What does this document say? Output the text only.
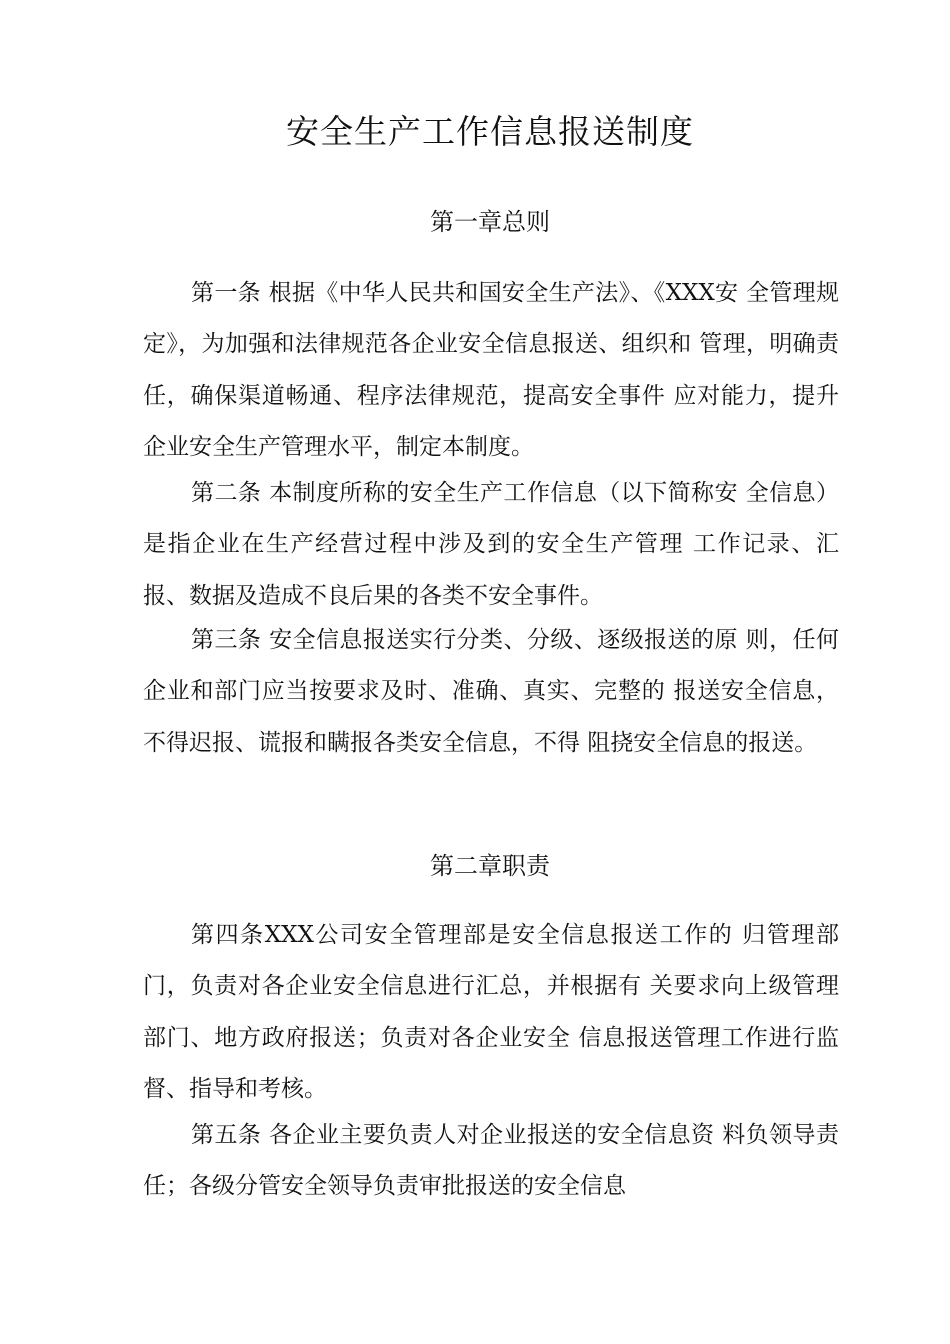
安全生产工作信息报送制度
第一章总则

第一条 根据《中华人民共和国安全生产法》、《XXX安 全管理规定》，为加强和法律规范各企业安全信息报送、组织和 管理，明确责任，确保渠道畅通、程序法律规范，提高安全事件 应对能力，提升企业安全生产管理水平，制定本制度。

第二条 本制度所称的安全生产工作信息（以下简称安 全信息）是指企业在生产经营过程中涉及到的安全生产管理 工作记录、汇报、数据及造成不良后果的各类不安全事件。

第三条 安全信息报送实行分类、分级、逐级报送的原 则，任何企业和部门应当按要求及时、准确、真实、完整的 报送安全信息，不得迟报、谎报和瞒报各类安全信息，不得 阻挠安全信息的报送。

第二章职责

第四条XXX公司安全管理部是安全信息报送工作的 归管理部门，负责对各企业安全信息进行汇总，并根据有 关要求向上级管理部门、地方政府报送；负责对各企业安全 信息报送管理工作进行监督、指导和考核。

第五条 各企业主要负责人对企业报送的安全信息资 料负领导责任；各级分管安全领导负责审批报送的安全信息
